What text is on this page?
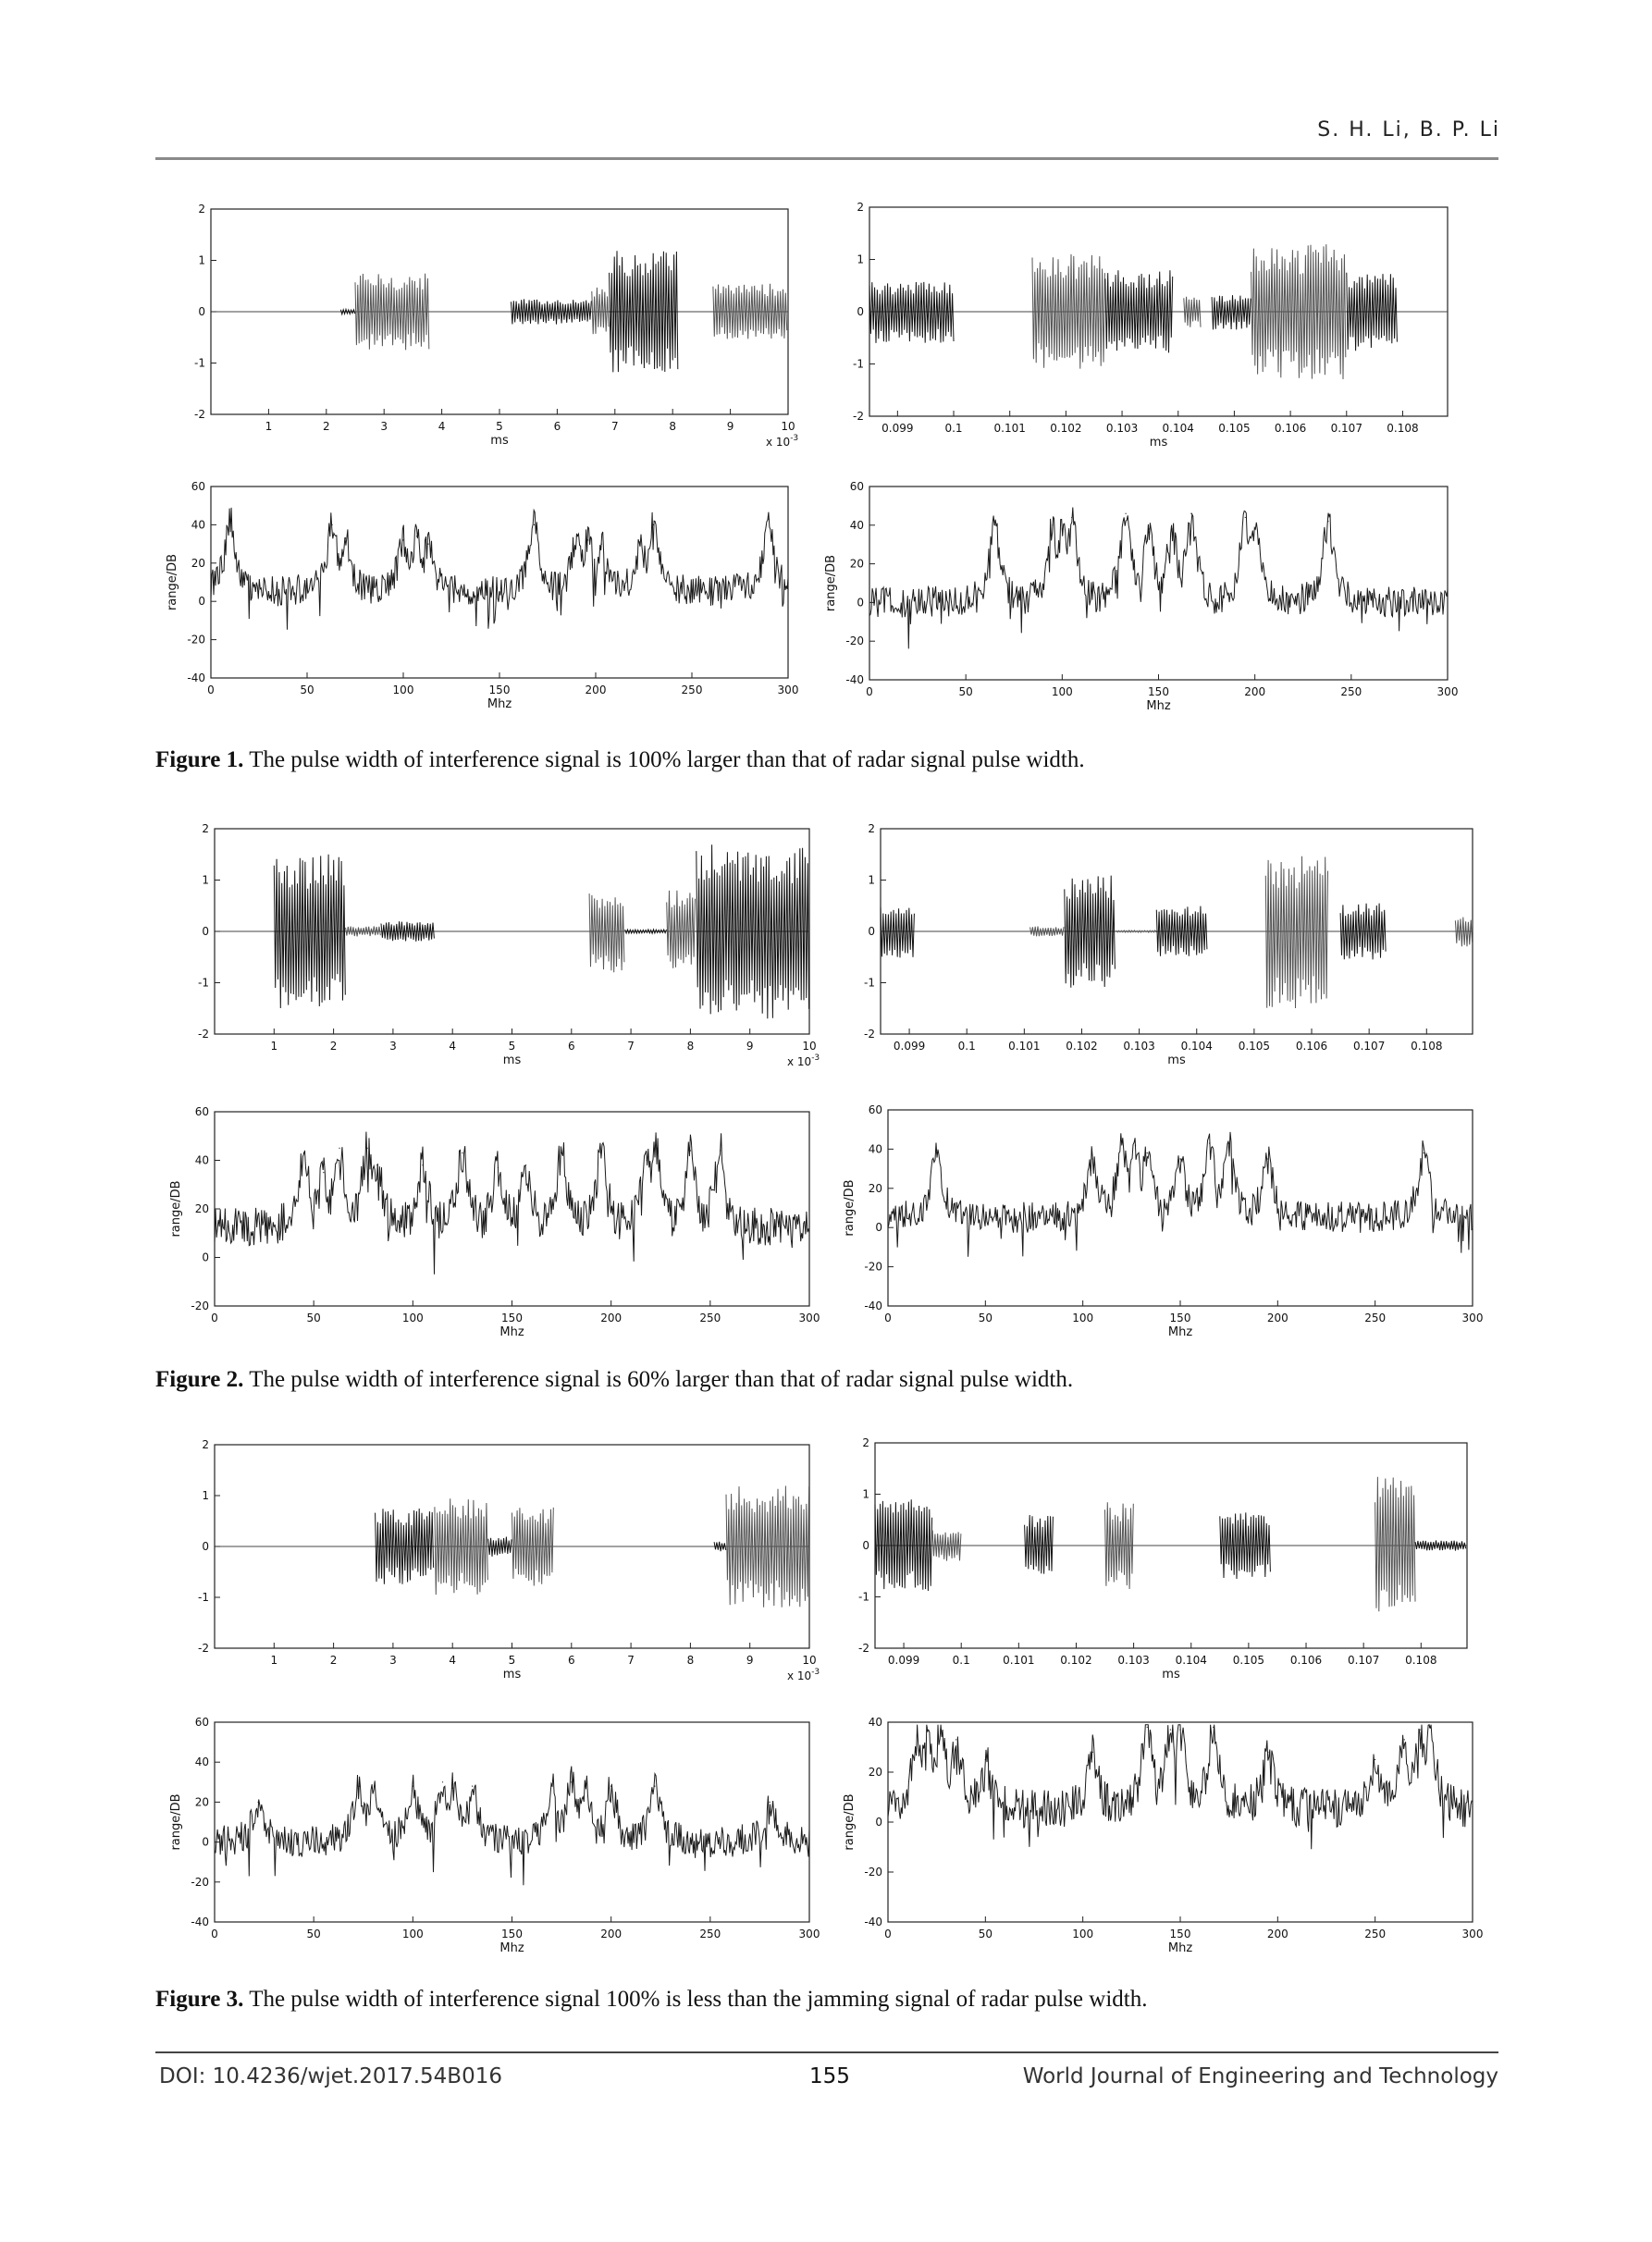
S. H. Li, B. P. Li
1	2	3	4	5	6	7	8	9	10
-2
-1
0
1
2
ms	x $10^{-3}$
0.099	0.1	0.101 0.102 0.103 0.104 0.105 0.106 0.107 0.108
-2
-1
0
1
2
ms
0	50	100	150	200	250	300
-40
-20
0
20
40
60
Mhz
range/DB
0	50	100	150	200	250	300
-40
-20
0
20
40
60
Mhz
range/DB
Figure 1. The pulse width of interference signal is 100% larger than that of radar signal pulse width.
1	2	3	4	5	6	7	8	9	10
-2
-1
0
1
2
ms	x $10^{-3}$
0.099	0.1	0.101 0.102 0.103 0.104 0.105 0.106 0.107 0.108
-2
-1
0
1
2
ms
0	50	100	150	200	250	300
-20
0
20
40
60
Mhz
range/DB
0	50	100	150	200	250	300
-40
-20
0
20
40
60
Mhz
range/DB
Figure 2. The pulse width of interference signal is 60% larger than that of radar signal pulse width.
1	2	3	4	5	6	7	8	9	10
-2
-1
0
1
2
ms	x $10^{-3}$
0.099	0.1	0.101 0.102 0.103 0.104 0.105 0.106 0.107 0.108
-2
-1
0
1
2
ms
0	50	100	150	200	250	300
-40
-20
0
20
40
60
Mhz
range/DB
0	50	100	150	200	250	300
-40
-20
0
20
40
Mhz
range/DB
Figure 3. The pulse width of interference signal 100% is less than the jamming signal of radar pulse width.
DOI: 10.4236/wjet.2017.54B016	155	World Journal of Engineering and Technology
